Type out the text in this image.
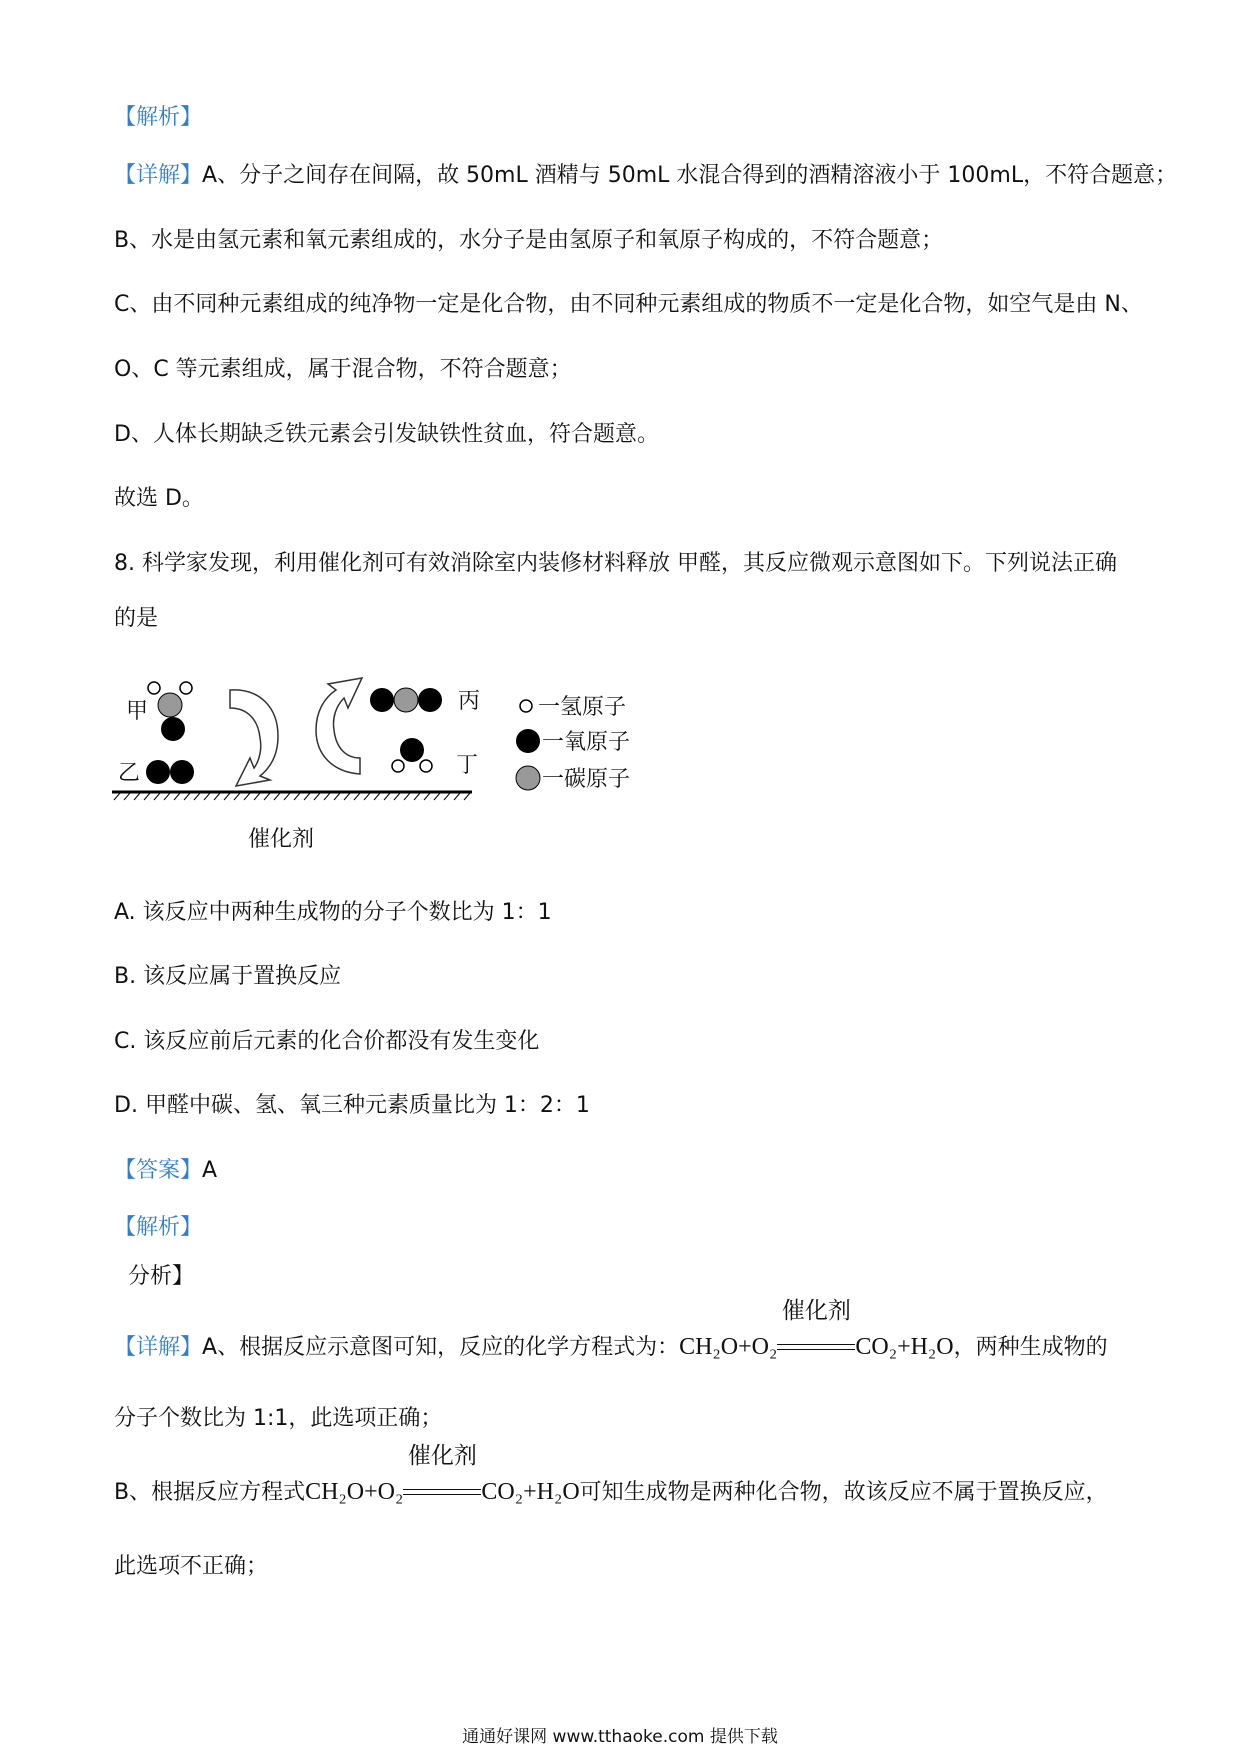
【解析】
【详解】A、分子之间存在间隔，故 50mL 酒精与 50mL 水混合得到的酒精溶液小于 100mL，不符合题意；
B、水是由氢元素和氧元素组成的，水分子是由氢原子和氧原子构成的，不符合题意；
C、由不同种元素组成的纯净物一定是化合物，由不同种元素组成的物质不一定是化合物，如空气是由 N、
O、C 等元素组成，属于混合物，不符合题意；
D、人体长期缺乏铁元素会引发缺铁性贫血，符合题意。
故选 D。
8. 科学家发现，利用催化剂可有效消除室内装修材料释放 甲醛，其反应微观示意图如下。下列说法正确
的是
甲
乙
丙
丁
催化剂
一氢原子
一氧原子
一碳原子
A. 该反应中两种生成物的分子个数比为 1：1
B. 该反应属于置换反应
C. 该反应前后元素的化合价都没有发生变化
D. 甲醛中碳、氢、氧三种元素质量比为 1：2：1
【答案】A
【解析】
分析】
【详解】A、根据反应示意图可知，反应的化学方程式为：CH₂O+O₂
催化剂
CO₂+H₂O，两种生成物的
分子个数比为 1:1，此选项正确；
B、根据反应方程式CH₂O+O₂
催化剂
CO₂+H₂O可知生成物是两种化合物，故该反应不属于置换反应，
此选项不正确；
通通好课网 www.tthaoke.com 提供下载
